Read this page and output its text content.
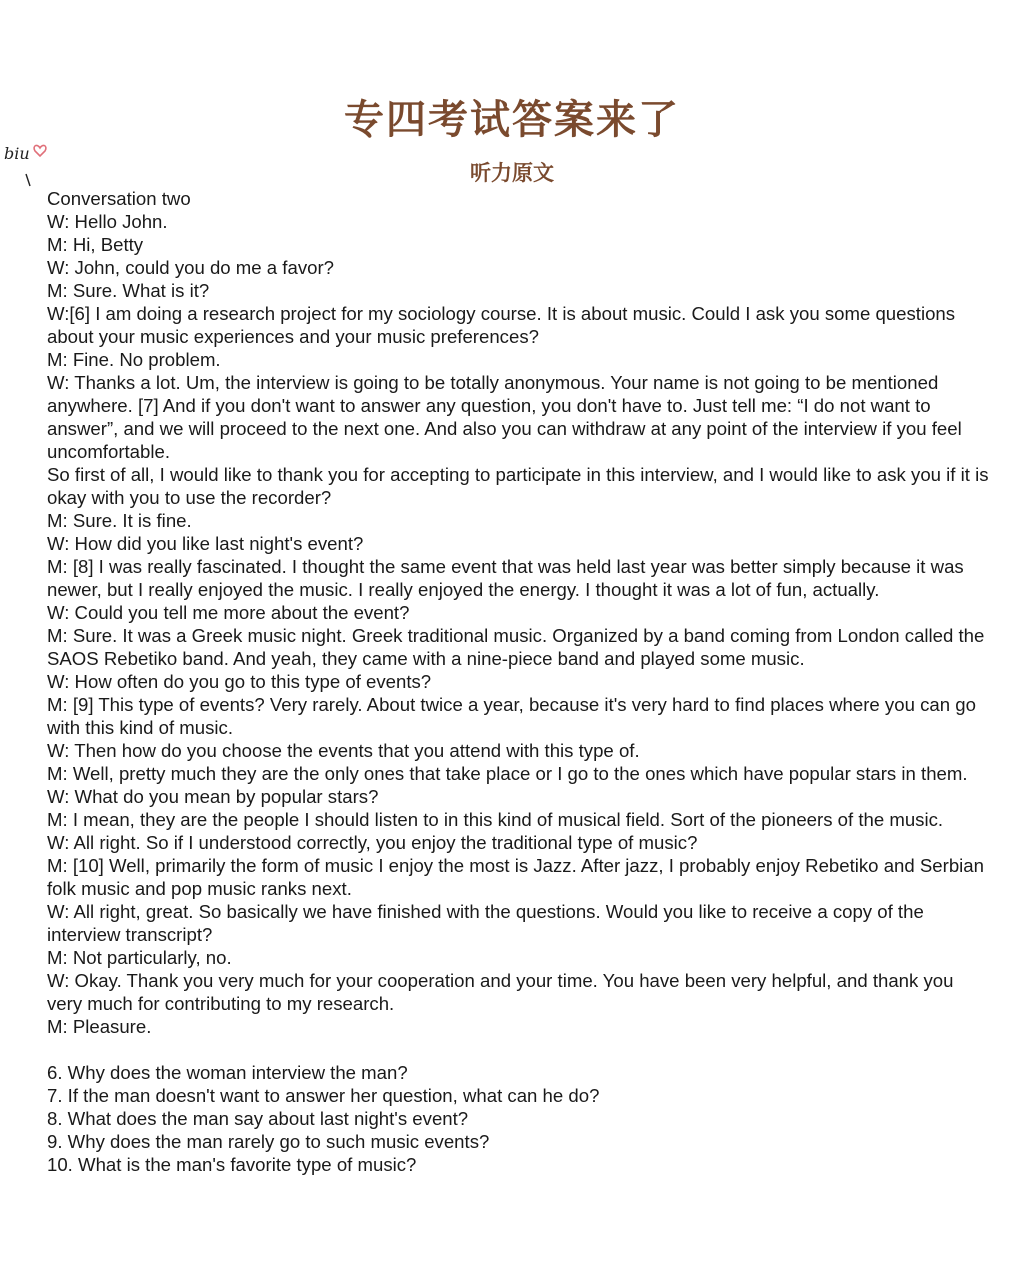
专四考试答案来了
biu
听力原文

Conversation two

W: Hello John.

M: Hi, Betty

W: John, could you do me a favor?

M: Sure. What is it?

W:[6] I am doing a research project for my sociology course. It is about music. Could I ask you some questions about your music experiences and your music preferences?

M: Fine. No problem.

W: Thanks a lot. Um, the interview is going to be totally anonymous. Your name is not going to be mentioned anywhere. [7] And if you don't want to answer any question, you don't have to. Just tell me: “I do not want to answer”, and we will proceed to the next one. And also you can withdraw at any point of the interview if you feel uncomfortable.

So first of all, I would like to thank you for accepting to participate in this interview, and I would like to ask you if it is okay with you to use the recorder?

M: Sure. It is fine.

W: How did you like last night's event?

M: [8] I was really fascinated. I thought the same event that was held last year was better simply because it was newer, but I really enjoyed the music. I really enjoyed the energy. I thought it was a lot of fun, actually.

W: Could you tell me more about the event?

M: Sure. It was a Greek music night. Greek traditional music. Organized by a band coming from London called the SAOS Rebetiko band. And yeah, they came with a nine-piece band and played some music.

W: How often do you go to this type of events?

M: [9] This type of events? Very rarely. About twice a year, because it's very hard to find places where you can go with this kind of music.

W: Then how do you choose the events that you attend with this type of.

M: Well, pretty much they are the only ones that take place or I go to the ones which have popular stars in them.

W: What do you mean by popular stars?

M: I mean, they are the people I should listen to in this kind of musical field. Sort of the pioneers of the music.

W: All right. So if I understood correctly, you enjoy the traditional type of music?

M: [10] Well, primarily the form of music I enjoy the most is Jazz. After jazz, I probably enjoy Rebetiko and Serbian folk music and pop music ranks next.

W: All right, great. So basically we have finished with the questions. Would you like to receive a copy of the interview transcript?

M: Not particularly, no.

W: Okay. Thank you very much for your cooperation and your time. You have been very helpful, and thank you very much for contributing to my research.

M: Pleasure.

6. Why does the woman interview the man?

7. If the man doesn't want to answer her question, what can he do?

8. What does the man say about last night's event?

9. Why does the man rarely go to such music events?

10. What is the man's favorite type of music?
